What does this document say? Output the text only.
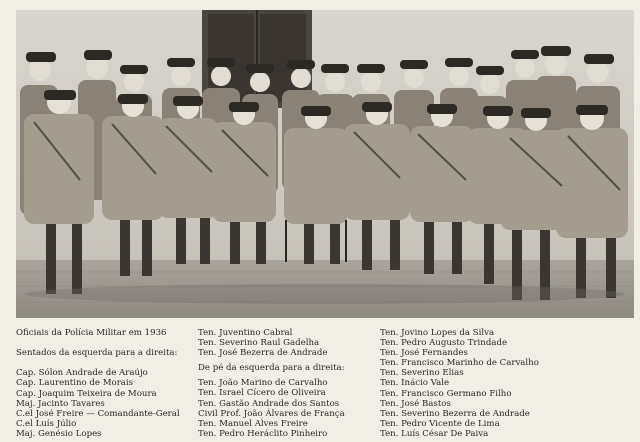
Oficiais da Polícia Militar em 1936
Sentados da esquerda para a direita:
Cap. Sólon Andrade de Araújo
Cap. Laurentino de Morais
Cap. Joaquim Teixeira de Moura
Maj. Jacinto Tavares
C.el José Freire — Comandante-Geral
C.el Luís Júlio
Maj. Genésio Lopes
Ten. Juventino Cabral
Ten. Severino Raul Gadelha
Ten. José Bezerra de Andrade
De pé da esquerda para a direita:
Ten. João Marino de Carvalho
Ten. Israel Cícero de Oliveira
Ten. Gastão Andrade dos Santos
Civil Prof. João Álvares de França
Ten. Manuel Alves Freire
Ten. Pedro Heráclito Pinheiro
Ten. Jovino Lopes da Silva
Ten. Pedro Augusto Trindade
Ten. José Fernandes
Ten. Francisco Marinho de Carvalho
Ten. Severino Elias
Ten. Inácio Vale
Ten. Francisco Germano Filho
Ten. José Bastos
Ten. Severino Bezerra de Andrade
Ten. Pedro Vicente de Lima
Ten. Luís César De Paiva
